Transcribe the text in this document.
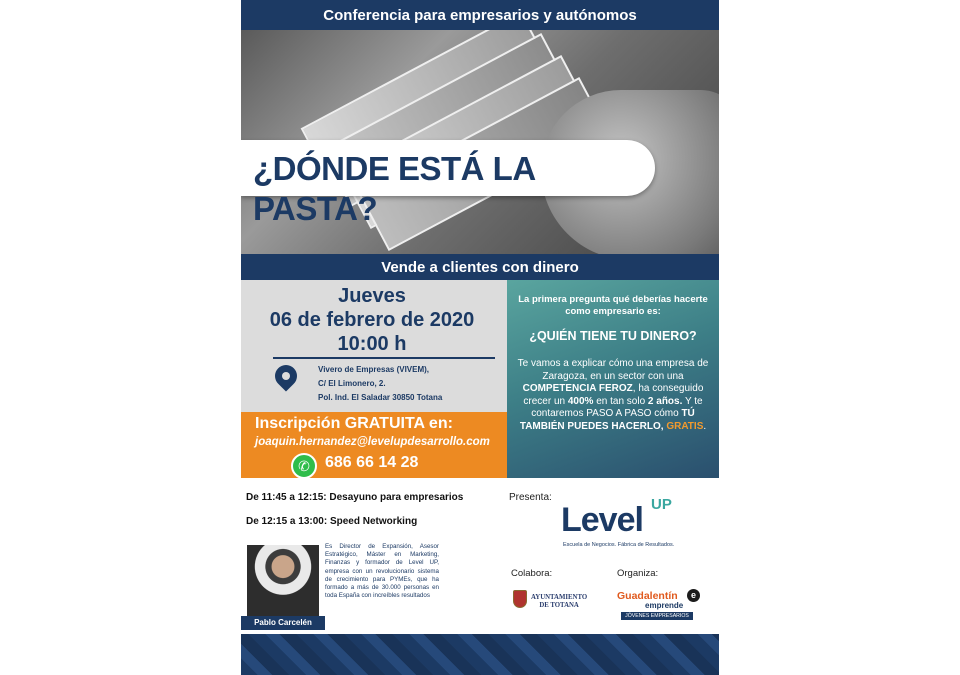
Conferencia para empresarios y autónomos
¿DÓNDE ESTÁ LA PASTA?
Vende a clientes con dinero
Jueves
06 de febrero de 2020
10:00 h
Vivero de Empresas (VIVEM),
C/ El Limonero, 2.
Pol. Ind. El Saladar 30850 Totana
Inscripción GRATUITA en:
joaquin.hernandez@levelupdesarrollo.com
✆ 686 66 14 28
La primera pregunta qué deberías hacerte como empresario es:
¿QUIÉN TIENE TU DINERO?
Te vamos a explicar cómo una empresa de Zaragoza, en un sector con una COMPETENCIA FEROZ, ha conseguido crecer un 400% en tan solo 2 años. Y te contaremos PASO A PASO cómo TÚ TAMBIÉN PUEDES HACERLO, GRATIS.
De 11:45 a 12:15: Desayuno para empresarios
De 12:15 a 13:00: Speed Networking
Pablo Carcelén
Es Director de Expansión, Asesor Estratégico, Máster en Marketing, Finanzas y formador de Level UP, empresa con un revolucionario sistema de crecimiento para PYMEs, que ha formado a más de 30.000 personas en toda España con increíbles resultados
Presenta:
Level UP
Escuela de Negocios. Fábrica de Resultados.
Colabora:	Organiza:
AYUNTAMIENTO
DE TOTANA
Guadalentín	e
emprende
JÓVENES EMPRESARIOS
